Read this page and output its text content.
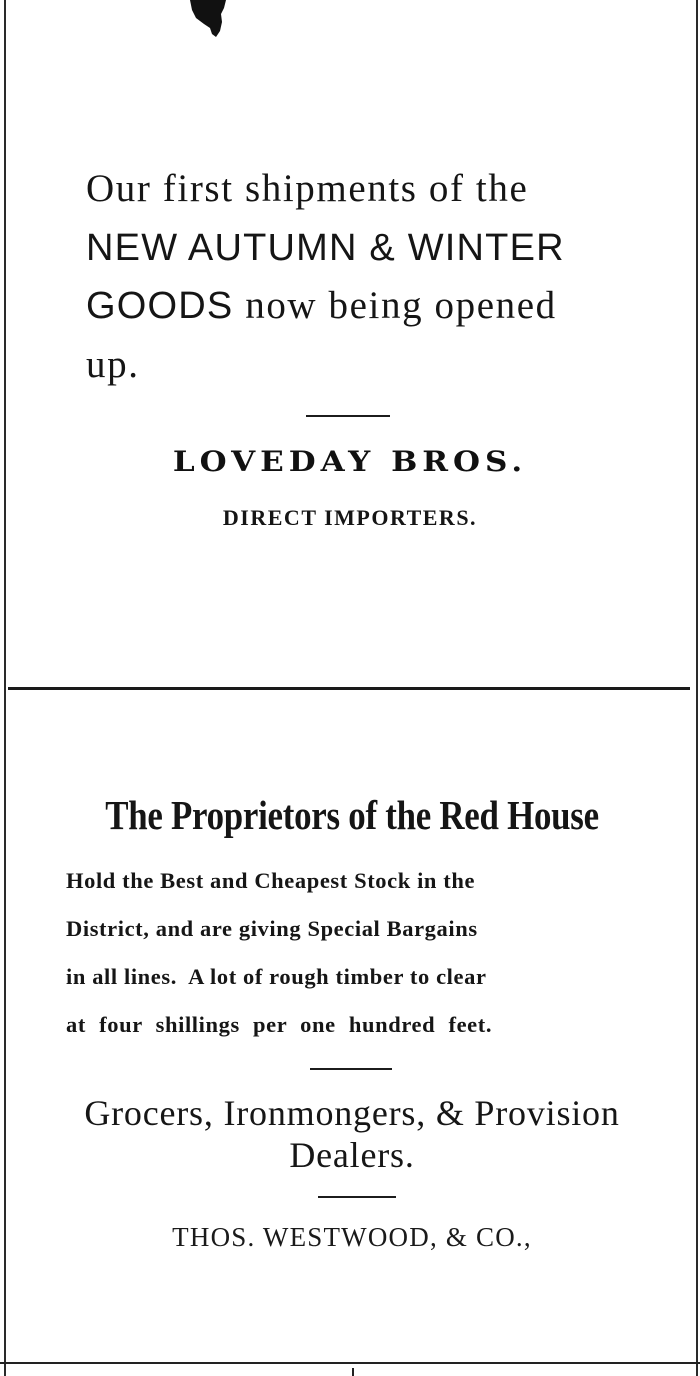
Our first shipments of the
NEW AUTUMN & WINTER
GOODS now being opened
up.
LOVEDAY BROS.
DIRECT IMPORTERS.
The Proprietors of the Red House
Hold the Best and Cheapest Stock in the
District, and are giving Special Bargains
in all lines.  A lot of rough timber to clear
at four shillings per one hundred feet.
Grocers, Ironmongers, & Provision
Dealers.
THOS. WESTWOOD, & CO.,
